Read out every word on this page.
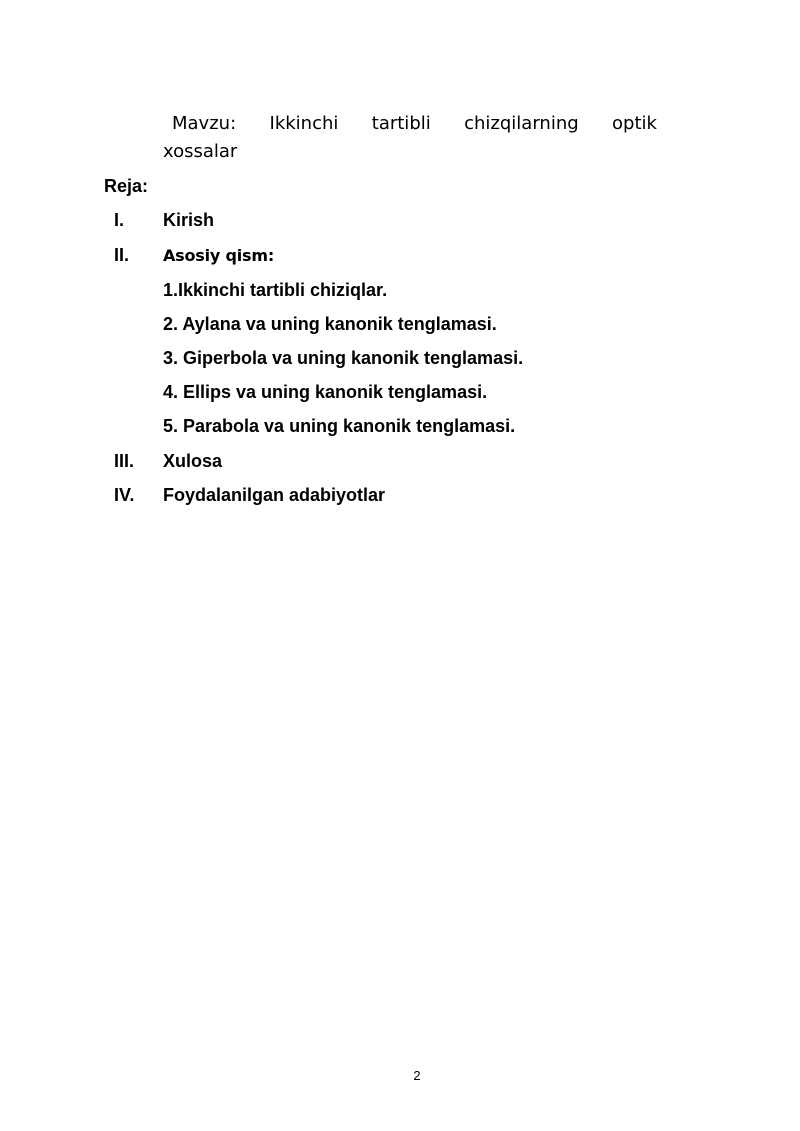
Mavzu: Ikkinchi tartibli chizqilarning optik
xossalar
Reja:
I. Kirish
II. Asosiy qism:
1.Ikkinchi tartibli chiziqlar.
2. Aylana va uning kanonik tenglamasi.
3. Giperbola va uning kanonik tenglamasi.
4. Ellips va uning kanonik tenglamasi.
5. Parabola va uning kanonik tenglamasi.
III. Xulosa
IV. Foydalanilgan adabiyotlar
2
